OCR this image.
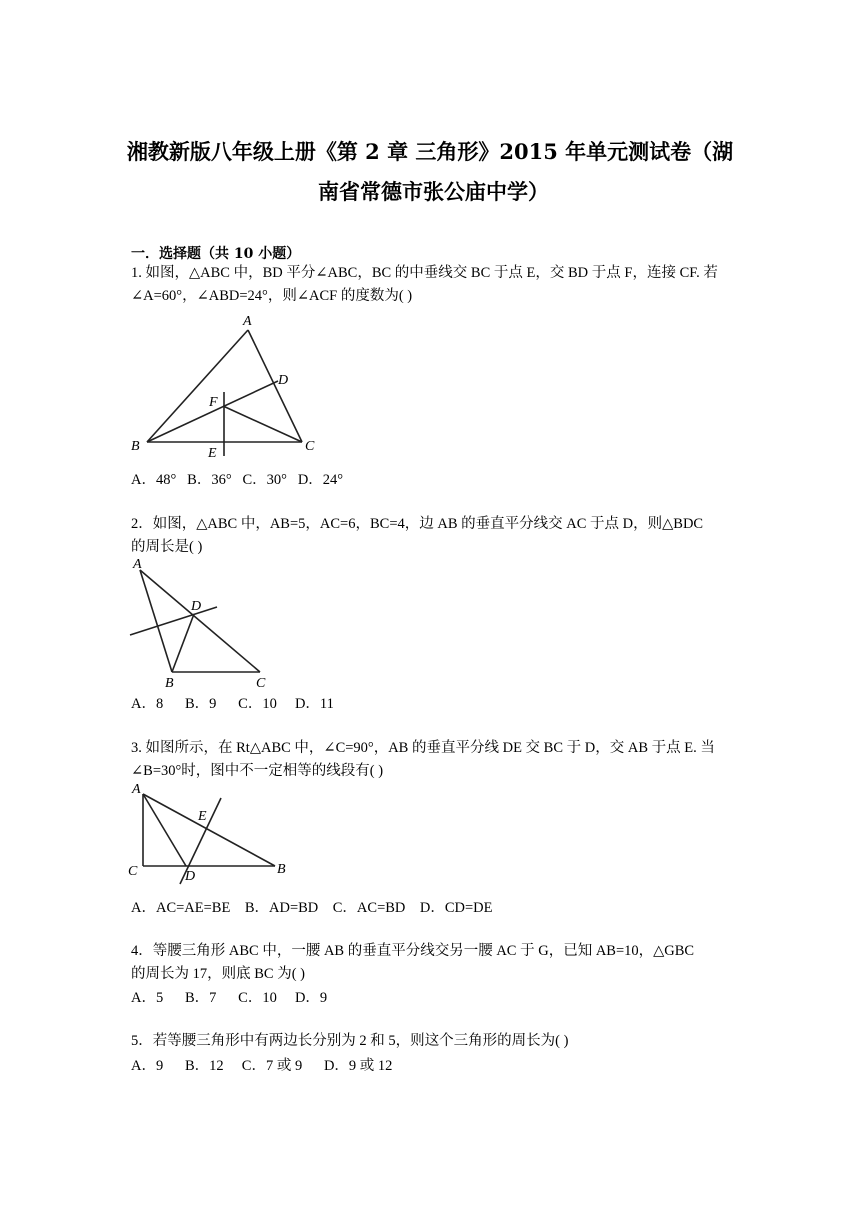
湘教新版八年级上册《第 2 章 三角形》2015 年单元测试卷（湖
南省常德市张公庙中学）
一．选择题（共 10 小题）
1. 如图，△ABC 中，BD 平分∠ABC，BC 的中垂线交 BC 于点 E，交 BD 于点 F，连接 CF. 若
∠A=60°，∠ABD=24°，则∠ACF 的度数为( )
A
B	C
D
E
F
A．48°   B．36°   C．30°   D．24°
2．如图，△ABC 中，AB=5，AC=6，BC=4，边 AB 的垂直平分线交 AC 于点 D，则△BDC
的周长是( )
A
B	C
D
A．8      B．9      C．10     D．11
3. 如图所示，在 Rt△ABC 中，∠C=90°，AB 的垂直平分线 DE 交 BC 于 D，交 AB 于点 E. 当
∠B=30°时，图中不一定相等的线段有( )
A
B
C	D
E
A．AC=AE=BE    B．AD=BD    C．AC=BD    D．CD=DE
4．等腰三角形 ABC 中，一腰 AB 的垂直平分线交另一腰 AC 于 G，已知 AB=10，△GBC
的周长为 17，则底 BC 为( )
A．5      B．7      C．10     D．9
5．若等腰三角形中有两边长分别为 2 和 5，则这个三角形的周长为( )
A．9      B．12     C．7 或 9      D．9 或 12
